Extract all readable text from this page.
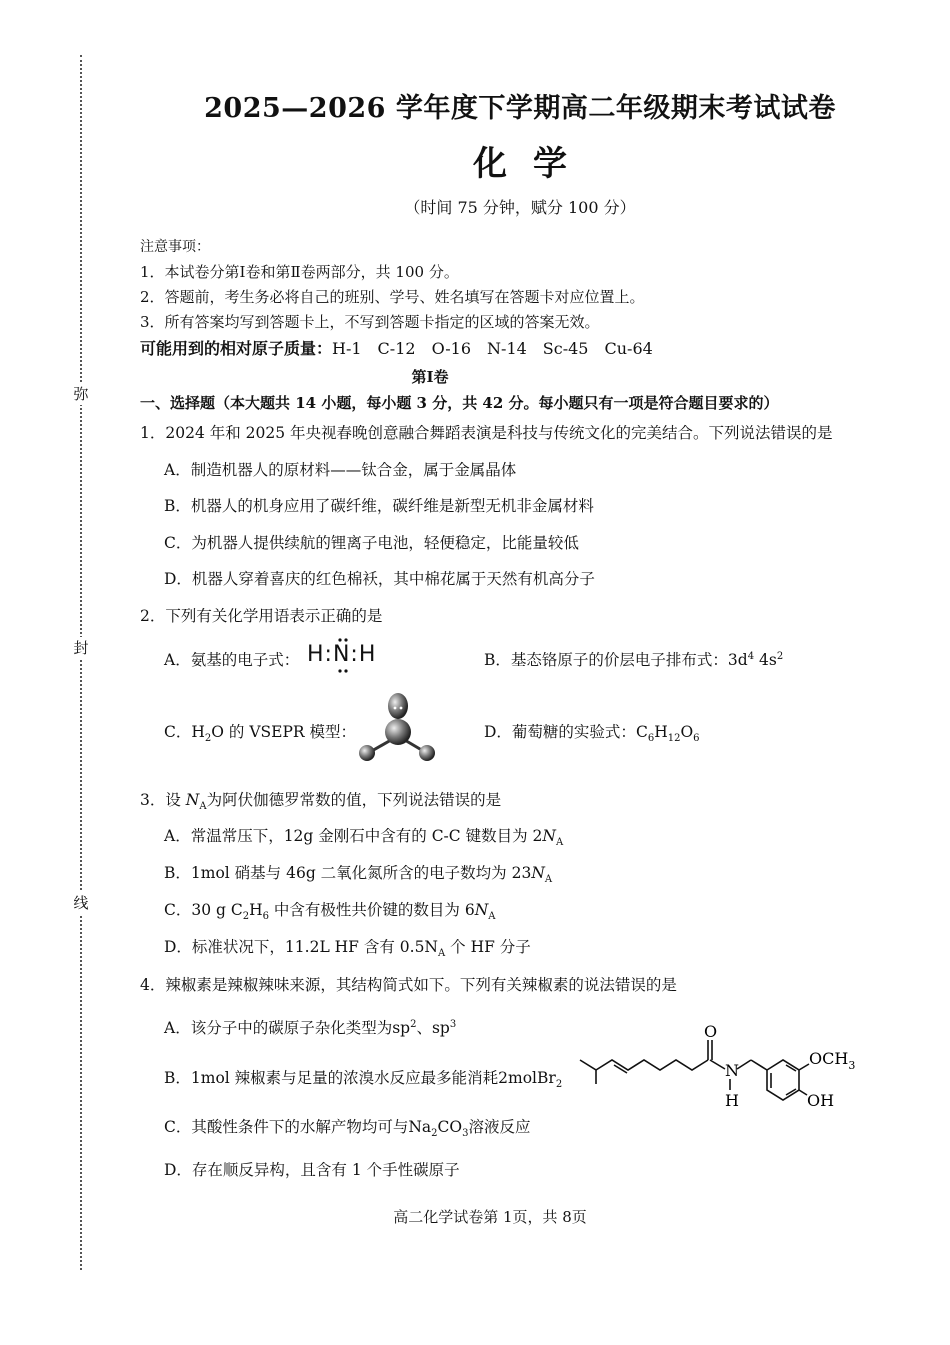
弥
封
线
2025—2026 学年度下学期高二年级期末考试试卷
化学
（时间 75 分钟，赋分 100 分）
注意事项：
1．本试卷分第Ⅰ卷和第Ⅱ卷两部分，共 100 分。
2．答题前，考生务必将自己的班别、学号、姓名填写在答题卡对应位置上。
3．所有答案均写到答题卡上，不写到答题卡指定的区域的答案无效。
可能用到的相对原子质量：H-1　C-12　O-16　N-14　Sc-45　Cu-64
第Ⅰ卷
一、选择题（本大题共 14 小题，每小题 3 分，共 42 分。每小题只有一项是符合题目要求的）
1．2024 年和 2025 年央视春晚创意融合舞蹈表演是科技与传统文化的完美结合。下列说法错误的是
A．制造机器人的原材料——钛合金，属于金属晶体
B．机器人的机身应用了碳纤维，碳纤维是新型无机非金属材料
C．为机器人提供续航的锂离子电池，轻便稳定，比能量较低
D．机器人穿着喜庆的红色棉袄，其中棉花属于天然有机高分子
2．下列有关化学用语表示正确的是
A．氨基的电子式： H:N:H	B．基态铬原子的价层电子排布式：$3d^4$ $4s^2$
C．$H_2O$ 的 VSEPR 模型：	D．葡萄糖的实验式：$C_6H_{12}O_6$
3．设 $N_A$为阿伏伽德罗常数的值，下列说法错误的是
A．常温常压下，12g 金刚石中含有的 C-C 键数目为 $2N_A$
B．1mol 硝基与 46g 二氧化氮所含的电子数均为 $23N_A$
C．30 g $C_2H_6$ 中含有极性共价键的数目为 $6N_A$
D．标准状况下，11.2L HF 含有 $0.5N_A$ 个 HF 分子
4．辣椒素是辣椒辣味来源，其结构简式如下。下列有关辣椒素的说法错误的是
A．该分子中的碳原子杂化类型为$sp^2$、$sp^3$
B．1mol 辣椒素与足量的浓溴水反应最多能消耗2molBr$_2$
C．其酸性条件下的水解产物均可与$Na_2CO_3$溶液反应
D．存在顺反异构，且含有 1 个手性碳原子
O
N
H
$OCH_3$
OH
高二化学试卷第 1页，共 8页
